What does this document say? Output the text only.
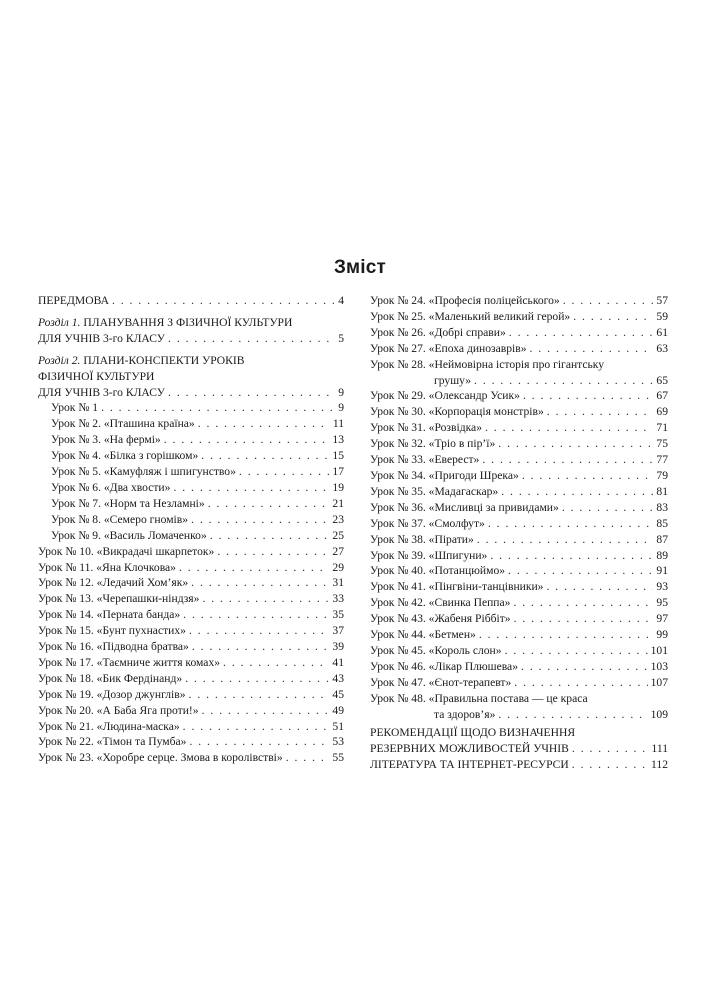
Зміст
ПЕРЕДМОВА . . .	4
Розділ 1.
ПЛАНУВАННЯ З ФІЗИЧНОЇ КУЛЬТУРИ
ДЛЯ УЧНІВ 3-го КЛАСУ . . .	5
Розділ 2.
ПЛАНИ-КОНСПЕКТИ УРОКІВ
ФІЗИЧНОЇ КУЛЬТУРИ
ДЛЯ УЧНІВ 3-го КЛАСУ . . .	9
Урок № 1 . . .	9
Урок № 2. «Пташина країна» . . .	11
Урок № 3. «На фермі» . . .	13
Урок № 4. «Білка з горішком» . . .	15
Урок № 5. «Камуфляж і шпигунство» . . .	17
Урок № 6. «Два хвости» . . .	19
Урок № 7. «Норм та Незламні» . . .	21
Урок № 8. «Семеро гномів» . . .	23
Урок № 9. «Василь Ломаченко» . . .	25
Урок № 10. «Викрадачі шкарпеток» . . .	27
Урок № 11. «Яна Клочкова» . . .	29
Урок № 12. «Ледачий Хом’як» . . .	31
Урок № 13. «Черепашки-ніндзя» . . .	33
Урок № 14. «Перната банда» . . .	35
Урок № 15. «Бунт пухнастих» . . .	37
Урок № 16. «Підводна братва» . . .	39
Урок № 17. «Таємниче життя комах» . . .	41
Урок № 18. «Бик Фердінанд» . . .	43
Урок № 19. «Дозор джунглів» . . .	45
Урок № 20. «А Баба Яга проти!» . . .	49
Урок № 21. «Людина-маска» . . .	51
Урок № 22. «Тімон та Пумба» . . .	53
Урок № 23. «Хоробре серце. Змова в королівстві» . . .	55
Урок № 24. «Професія поліцейського» . . .	57
Урок № 25. «Маленький великий герой» . . .	59
Урок № 26. «Добрі справи» . . .	61
Урок № 27. «Епоха динозаврів» . . .	63
Урок № 28. «Неймовірна історія про гігантську
грушу» . . .	65
Урок № 29. «Олександр Усик» . . .	67
Урок № 30. «Корпорація монстрів» . . .	69
Урок № 31. «Розвідка» . . .	71
Урок № 32. «Тріо в пір’ї» . . .	75
Урок № 33. «Еверест» . . .	77
Урок № 34. «Пригоди Шрека» . . .	79
Урок № 35. «Мадагаскар» . . .	81
Урок № 36. «Мисливці за привидами» . . .	83
Урок № 37. «Смолфут» . . .	85
Урок № 38. «Пірати» . . .	87
Урок № 39. «Шпигуни» . . .	89
Урок № 40. «Потанцюймо» . . .	91
Урок № 41. «Пінгвіни-танцівники» . . .	93
Урок № 42. «Свинка Пеппа» . . .	95
Урок № 43. «Жабеня Ріббіт» . . .	97
Урок № 44. «Бетмен» . . .	99
Урок № 45. «Король слон» . . .	101
Урок № 46. «Лікар Плюшева» . . .	103
Урок № 47. «Єнот-терапевт» . . .	107
Урок № 48. «Правильна постава — це краса
та здоров’я» . . .	109
РЕКОМЕНДАЦІЇ ЩОДО ВИЗНАЧЕННЯ
РЕЗЕРВНИХ МОЖЛИВОСТЕЙ УЧНІВ . . .	111
ЛІТЕРАТУРА ТА ІНТЕРНЕТ-РЕСУРСИ . . .	112
